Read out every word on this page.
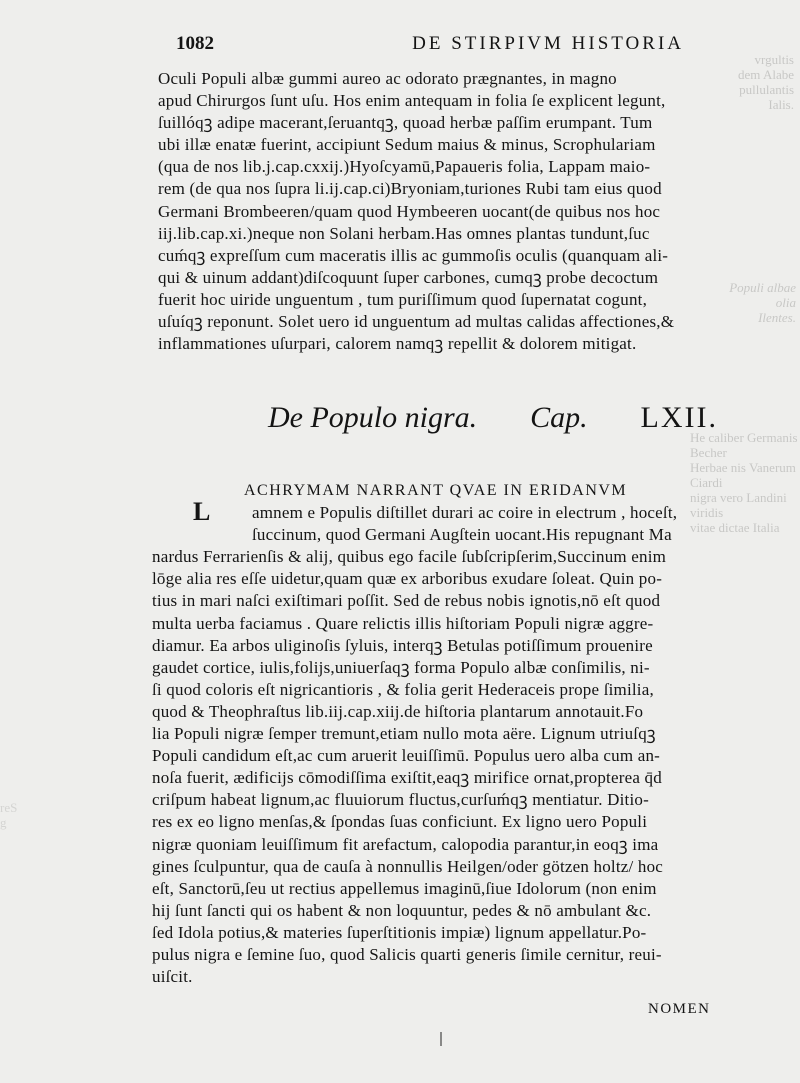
vrgultis
dem Alabe
pullulantis
Ialis.
Populi albae olia
Ilentes.
He caliber Germanis Becher
Herbae nis Vanerum Ciardi
nigra vero Landini viridis
vitae dictae Italia
reS
g
1082	DE STIRPIVM HISTORIA
Oculi Populi albæ gummi aureo ac odorato prægnantes, in magno
apud Chirurgos ſunt uſu. Hos enim antequam in folia ſe explicent legunt,
ſuillóqꝫ adipe macerant,ſeruantqꝫ, quoad herbæ paſſim erumpant. Tum
ubi illæ enatæ fuerint, accipiunt Sedum maius & minus, Scrophulariam
(qua de nos lib.j.cap.cxxij.)Hyoſcyamū,Papaueris folia, Lappam maio-
rem (de qua nos ſupra li.ij.cap.ci)Bryoniam,turiones Rubi tam eius quod
Germani Brombeeren/quam quod Hymbeeren uocant(de quibus nos hoc
iij.lib.cap.xi.)neque non Solani herbam.Has omnes plantas tundunt,ſuc
cuḿqꝫ expreſſum cum maceratis illis ac gummoſis oculis (quanquam ali-
qui & uinum addant)diſcoquunt ſuper carbones, cumqꝫ probe decoctum
fuerit hoc uiride unguentum , tum puriſſimum quod ſupernatat cogunt,
uſuíqꝫ reponunt. Solet uero id unguentum ad multas calidas affectiones,&
inflammationes uſurpari, calorem namqꝫ repellit & dolorem mitigat.
De Populo nigra. Cap. LXII.
L
ACHRYMAM NARRANT QVAE IN ERIDANVM
amnem e Populis diſtillet durari ac coire in electrum , hoceſt,
ſuccinum, quod Germani Augſtein uocant.His repugnant Ma
nardus Ferrarienſis & alij, quibus ego facile ſubſcripſerim,Succinum enim
lōge alia res eſſe uidetur,quam quæ ex arboribus exudare ſoleat. Quin po-
tius in mari naſci exiſtimari poſſit. Sed de rebus nobis ignotis,nō eſt quod
multa uerba faciamus . Quare relictis illis hiſtoriam Populi nigræ aggre-
diamur. Ea arbos uliginoſis ſyluis, interqꝫ Betulas potiſſimum prouenire
gaudet cortice, iulis,folijs,uniuerſaqꝫ forma Populo albæ conſimilis, ni-
ſi quod coloris eſt nigricantioris , & folia gerit Hederaceis prope ſimilia,
quod & Theophraſtus lib.iij.cap.xiij.de hiſtoria plantarum annotauit.Fo
lia Populi nigræ ſemper tremunt,etiam nullo mota aëre. Lignum utriuſqꝫ
Populi candidum eſt,ac cum aruerit leuiſſimū. Populus uero alba cum an-
noſa fuerit, ædificijs cōmodiſſima exiſtit,eaqꝫ mirifice ornat,propterea q̄d
criſpum habeat lignum,ac fluuiorum fluctus,curſuḿqꝫ mentiatur. Ditio-
res ex eo ligno menſas,& ſpondas ſuas conficiunt. Ex ligno uero Populi
nigræ quoniam leuiſſimum fit arefactum, calopodia parantur,in eoqꝫ ima
gines ſculpuntur, qua de cauſa à nonnullis Heilgen/oder götzen holtz/ hoc
eſt, Sanctorū,ſeu ut rectius appellemus imaginū,ſiue Idolorum (non enim
hij ſunt ſancti qui os habent & non loquuntur, pedes & nō ambulant &c.
ſed Idola potius,& materies ſuperſtitionis impiæ) lignum appellatur.Po-
pulus nigra e ſemine ſuo, quod Salicis quarti generis ſimile cernitur, reui-
uiſcit.
NOMEN
